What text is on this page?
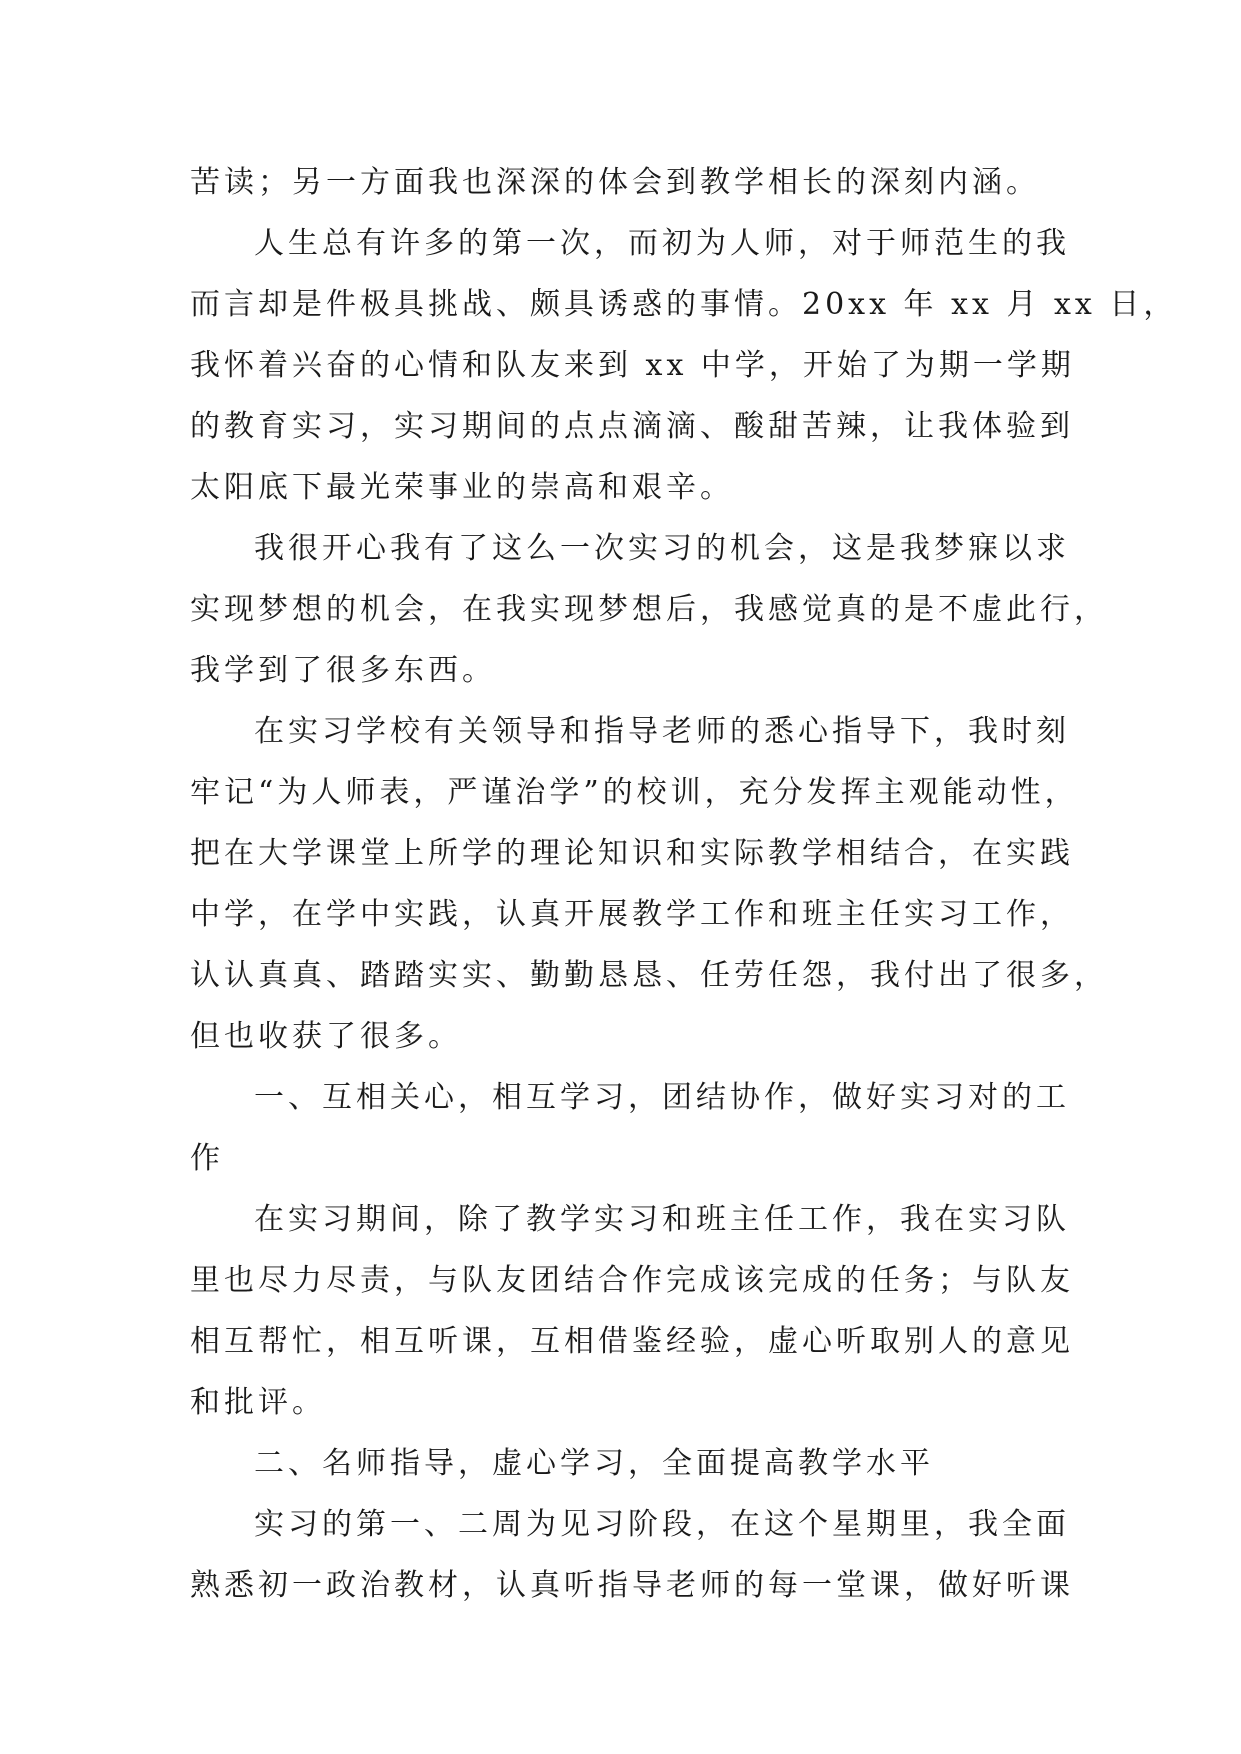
苦读；另一方面我也深深的体会到教学相长的深刻内涵。
人生总有许多的第一次，而初为人师，对于师范生的我
而言却是件极具挑战、颇具诱惑的事情。20xx 年 xx 月 xx 日，
我怀着兴奋的心情和队友来到 xx 中学，开始了为期一学期
的教育实习，实习期间的点点滴滴、酸甜苦辣，让我体验到
太阳底下最光荣事业的崇高和艰辛。
我很开心我有了这么一次实习的机会，这是我梦寐以求
实现梦想的机会，在我实现梦想后，我感觉真的是不虚此行，
我学到了很多东西。
在实习学校有关领导和指导老师的悉心指导下，我时刻
牢记“为人师表，严谨治学”的校训，充分发挥主观能动性，
把在大学课堂上所学的理论知识和实际教学相结合，在实践
中学，在学中实践，认真开展教学工作和班主任实习工作，
认认真真、踏踏实实、勤勤恳恳、任劳任怨，我付出了很多，
但也收获了很多。
一、互相关心，相互学习，团结协作，做好实习对的工
作
在实习期间，除了教学实习和班主任工作，我在实习队
里也尽力尽责，与队友团结合作完成该完成的任务；与队友
相互帮忙，相互听课，互相借鉴经验，虚心听取别人的意见
和批评。
二、名师指导，虚心学习，全面提高教学水平
实习的第一、二周为见习阶段，在这个星期里，我全面
熟悉初一政治教材，认真听指导老师的每一堂课，做好听课
